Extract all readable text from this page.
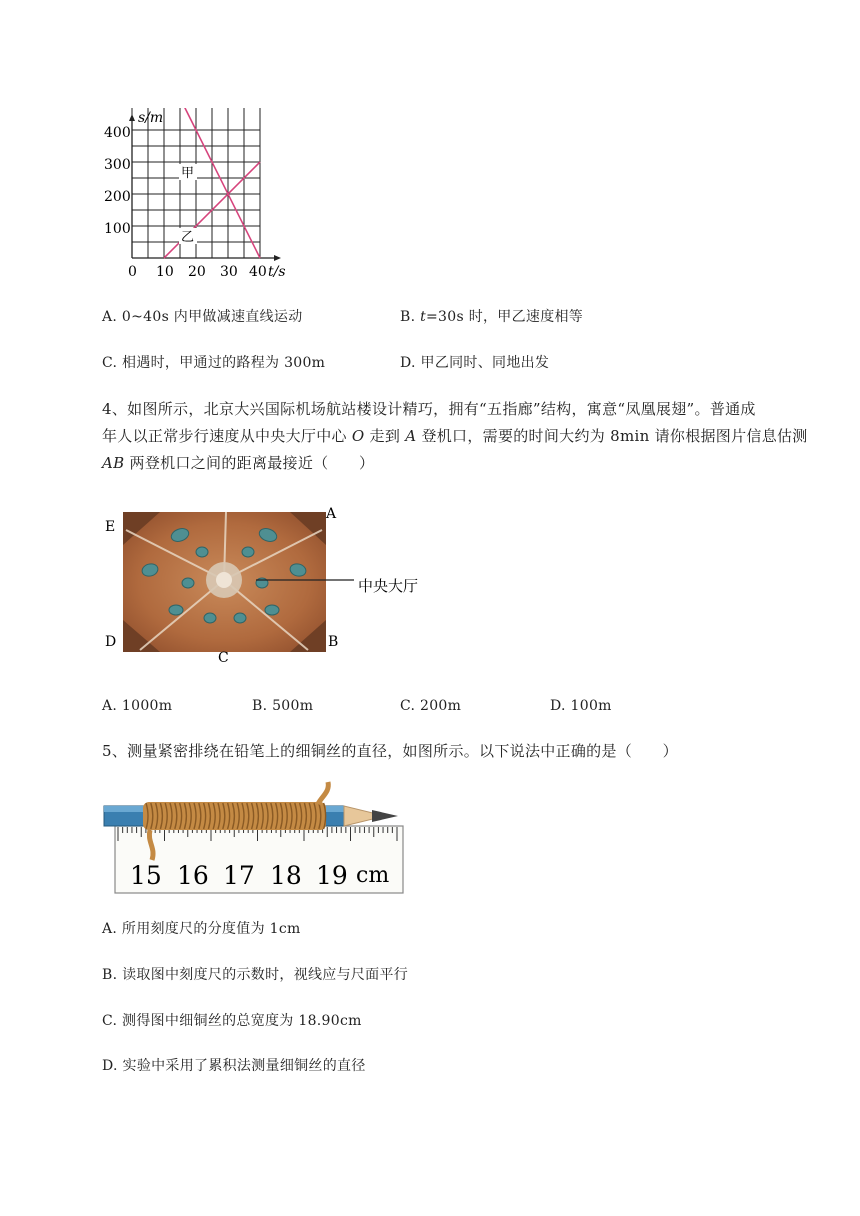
s/m
t/s
400
300
200
100
0 10 20 30 40
甲
乙
A. 0~40s 内甲做减速直线运动	B. t=30s 时，甲乙速度相等
C. 相遇时，甲通过的路程为 300m	D. 甲乙同时、同地出发
4、如图所示，北京大兴国际机场航站楼设计精巧，拥有“五指廊”结构，寓意“凤凰展翅”。普通成
年人以正常步行速度从中央大厅中心 O 走到 A 登机口，需要的时间大约为 8min 请你根据图片信息估测
AB 两登机口之间的距离最接近（　　）
中央大厅
A
E
D	B
C
A. 1000m	B. 500m	C. 200m	D. 100m
5、测量紧密排绕在铅笔上的细铜丝的直径，如图所示。以下说法中正确的是（　　）
15 16 17 18 19 cm
A. 所用刻度尺的分度值为 1cm
B. 读取图中刻度尺的示数时，视线应与尺面平行
C. 测得图中细铜丝的总宽度为 18.90cm
D. 实验中采用了累积法测量细铜丝的直径
